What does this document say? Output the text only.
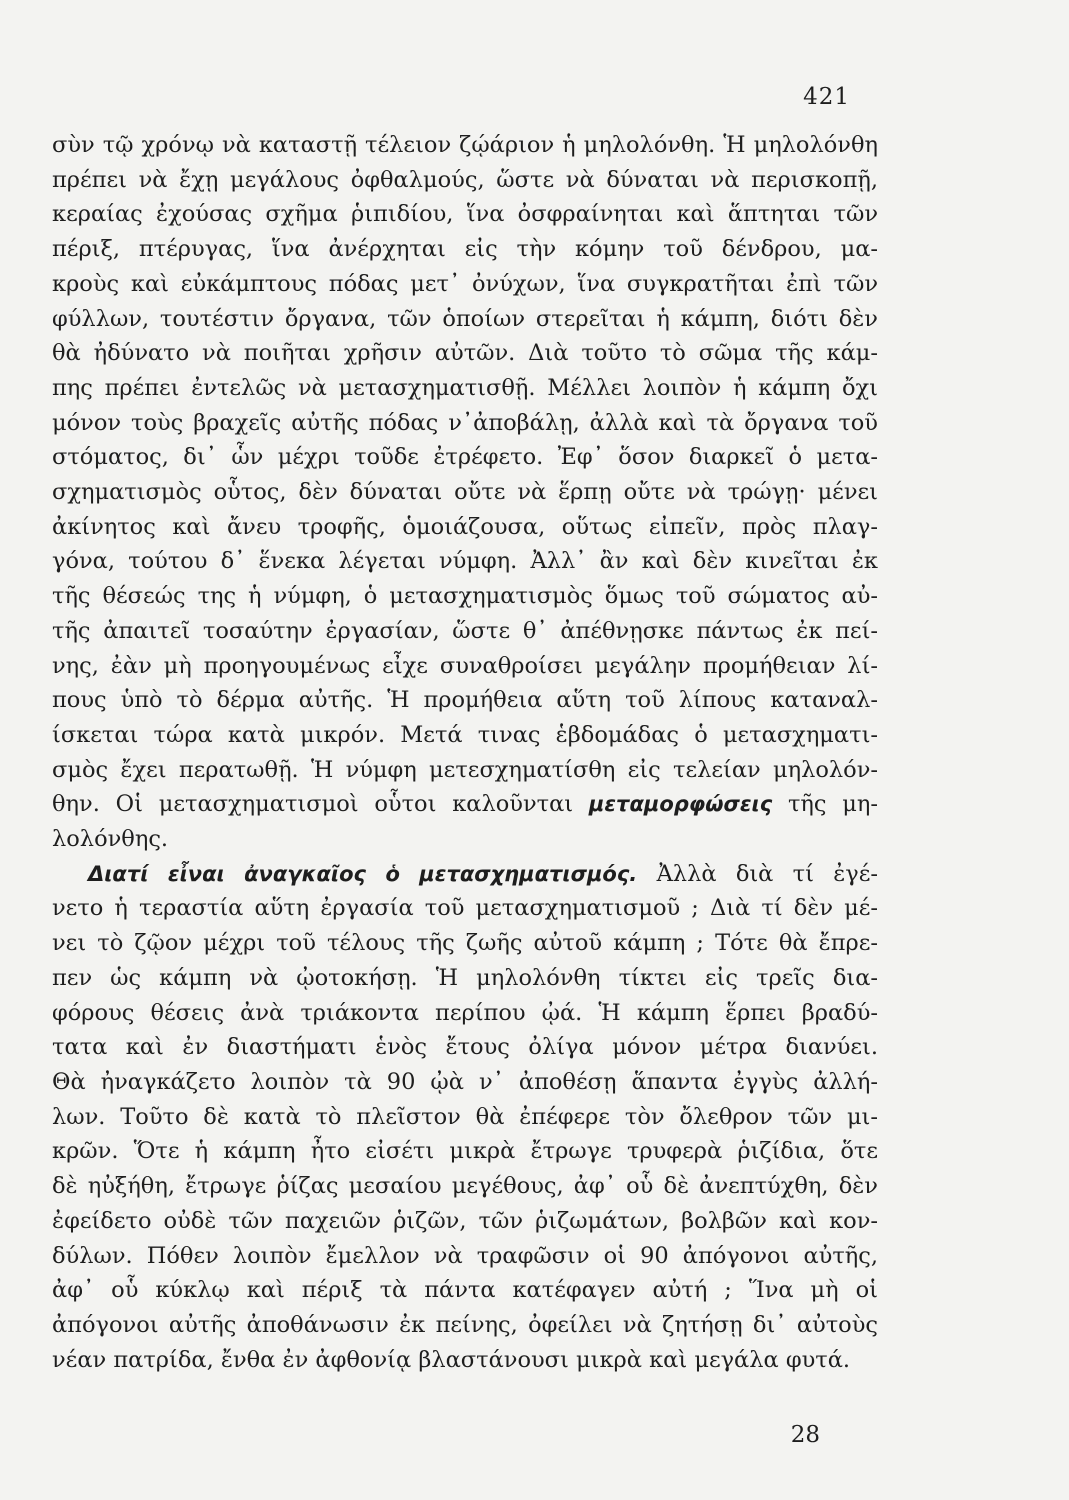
421
σὺν τῷ χρόνῳ νὰ καταστῇ τέλειον ζῴάριον ἡ μηλολόνθη. Ἡ μηλολόνθη
πρέπει νὰ ἔχῃ μεγάλους ὀφθαλμούς, ὥστε νὰ δύναται νὰ περισκοπῇ,
κεραίας ἐχούσας σχῆμα ῥιπιδίου, ἵνα ὀσφραίνηται καὶ ἅπτηται τῶν
πέριξ, πτέρυγας, ἵνα ἀνέρχηται εἰς τὴν κόμην τοῦ δένδρου, μα-
κροὺς καὶ εὐκάμπτους πόδας μετ᾽ ὀνύχων, ἵνα συγκρατῆται ἐπὶ τῶν
φύλλων, τουτέστιν ὄργανα, τῶν ὁποίων στερεῖται ἡ κάμπη, διότι δὲν
θὰ ἠδύνατο νὰ ποιῆται χρῆσιν αὐτῶν. Διὰ τοῦτο τὸ σῶμα τῆς κάμ-
πης πρέπει ἐντελῶς νὰ μετασχηματισθῇ. Μέλλει λοιπὸν ἡ κάμπη ὄχι
μόνον τοὺς βραχεῖς αὐτῆς πόδας ν᾽ἀποβάλῃ, ἀλλὰ καὶ τὰ ὄργανα τοῦ
στόματος, δι᾽ ὧν μέχρι τοῦδε ἐτρέφετο. Ἐφ᾽ ὅσον διαρκεῖ ὁ μετα-
σχηματισμὸς οὗτος, δὲν δύναται οὔτε νὰ ἕρπῃ οὔτε νὰ τρώγῃ· μένει
ἀκίνητος καὶ ἄνευ τροφῆς, ὁμοιάζουσα, οὕτως εἰπεῖν, πρὸς πλαγ-
γόνα, τούτου δ᾽ ἕνεκα λέγεται νύμφη. Ἀλλ᾽ ἂν καὶ δὲν κινεῖται ἐκ
τῆς θέσεώς της ἡ νύμφη, ὁ μετασχηματισμὸς ὅμως τοῦ σώματος αὐ-
τῆς ἀπαιτεῖ τοσαύτην ἐργασίαν, ὥστε θ᾽ ἀπέθνῃσκε πάντως ἐκ πεί-
νης, ἐὰν μὴ προηγουμένως εἶχε συναθροίσει μεγάλην προμήθειαν λί-
πους ὑπὸ τὸ δέρμα αὐτῆς. Ἡ προμήθεια αὕτη τοῦ λίπους καταναλ-
ίσκεται τώρα κατὰ μικρόν. Μετά τινας ἑβδομάδας ὁ μετασχηματι-
σμὸς ἔχει περατωθῇ. Ἡ νύμφη μετεσχηματίσθη εἰς τελείαν μηλολόν-
θην. Οἱ μετασχηματισμοὶ οὗτοι καλοῦνται μεταμορφώσεις τῆς μη-
λολόνθης.
Διατί εἶναι ἀναγκαῖος ὁ μετασχηματισμός. Ἀλλὰ διὰ τί ἐγέ-
νετο ἡ τεραστία αὕτη ἐργασία τοῦ μετασχηματισμοῦ ; Διὰ τί δὲν μέ-
νει τὸ ζῷον μέχρι τοῦ τέλους τῆς ζωῆς αὐτοῦ κάμπη ; Τότε θὰ ἔπρε-
πεν ὡς κάμπη νὰ ᾠοτοκήσῃ. Ἡ μηλολόνθη τίκτει εἰς τρεῖς δια-
φόρους θέσεις ἀνὰ τριάκοντα περίπου ᾠά. Ἡ κάμπη ἕρπει βραδύ-
τατα καὶ ἐν διαστήματι ἑνὸς ἔτους ὀλίγα μόνον μέτρα διανύει.
Θὰ ἠναγκάζετο λοιπὸν τὰ 90 ᾠὰ ν᾽ ἀποθέσῃ ἅπαντα ἐγγὺς ἀλλή-
λων. Τοῦτο δὲ κατὰ τὸ πλεῖστον θὰ ἐπέφερε τὸν ὄλεθρον τῶν μι-
κρῶν. Ὅτε ἡ κάμπη ἦτο εἰσέτι μικρὰ ἔτρωγε τρυφερὰ ῥιζίδια, ὅτε
δὲ ηὐξήθη, ἔτρωγε ῥίζας μεσαίου μεγέθους, ἀφ᾽ οὗ δὲ ἀνεπτύχθη, δὲν
ἐφείδετο οὐδὲ τῶν παχειῶν ῥιζῶν, τῶν ῥιζωμάτων, βολβῶν καὶ κον-
δύλων. Πόθεν λοιπὸν ἔμελλον νὰ τραφῶσιν οἱ 90 ἀπόγονοι αὐτῆς,
ἀφ᾽ οὗ κύκλῳ καὶ πέριξ τὰ πάντα κατέφαγεν αὐτή ; Ἵνα μὴ οἱ
ἀπόγονοι αὐτῆς ἀποθάνωσιν ἐκ πείνης, ὀφείλει νὰ ζητήσῃ δι᾽ αὐτοὺς
νέαν πατρίδα, ἔνθα ἐν ἀφθονίᾳ βλαστάνουσι μικρὰ καὶ μεγάλα φυτά.
28
